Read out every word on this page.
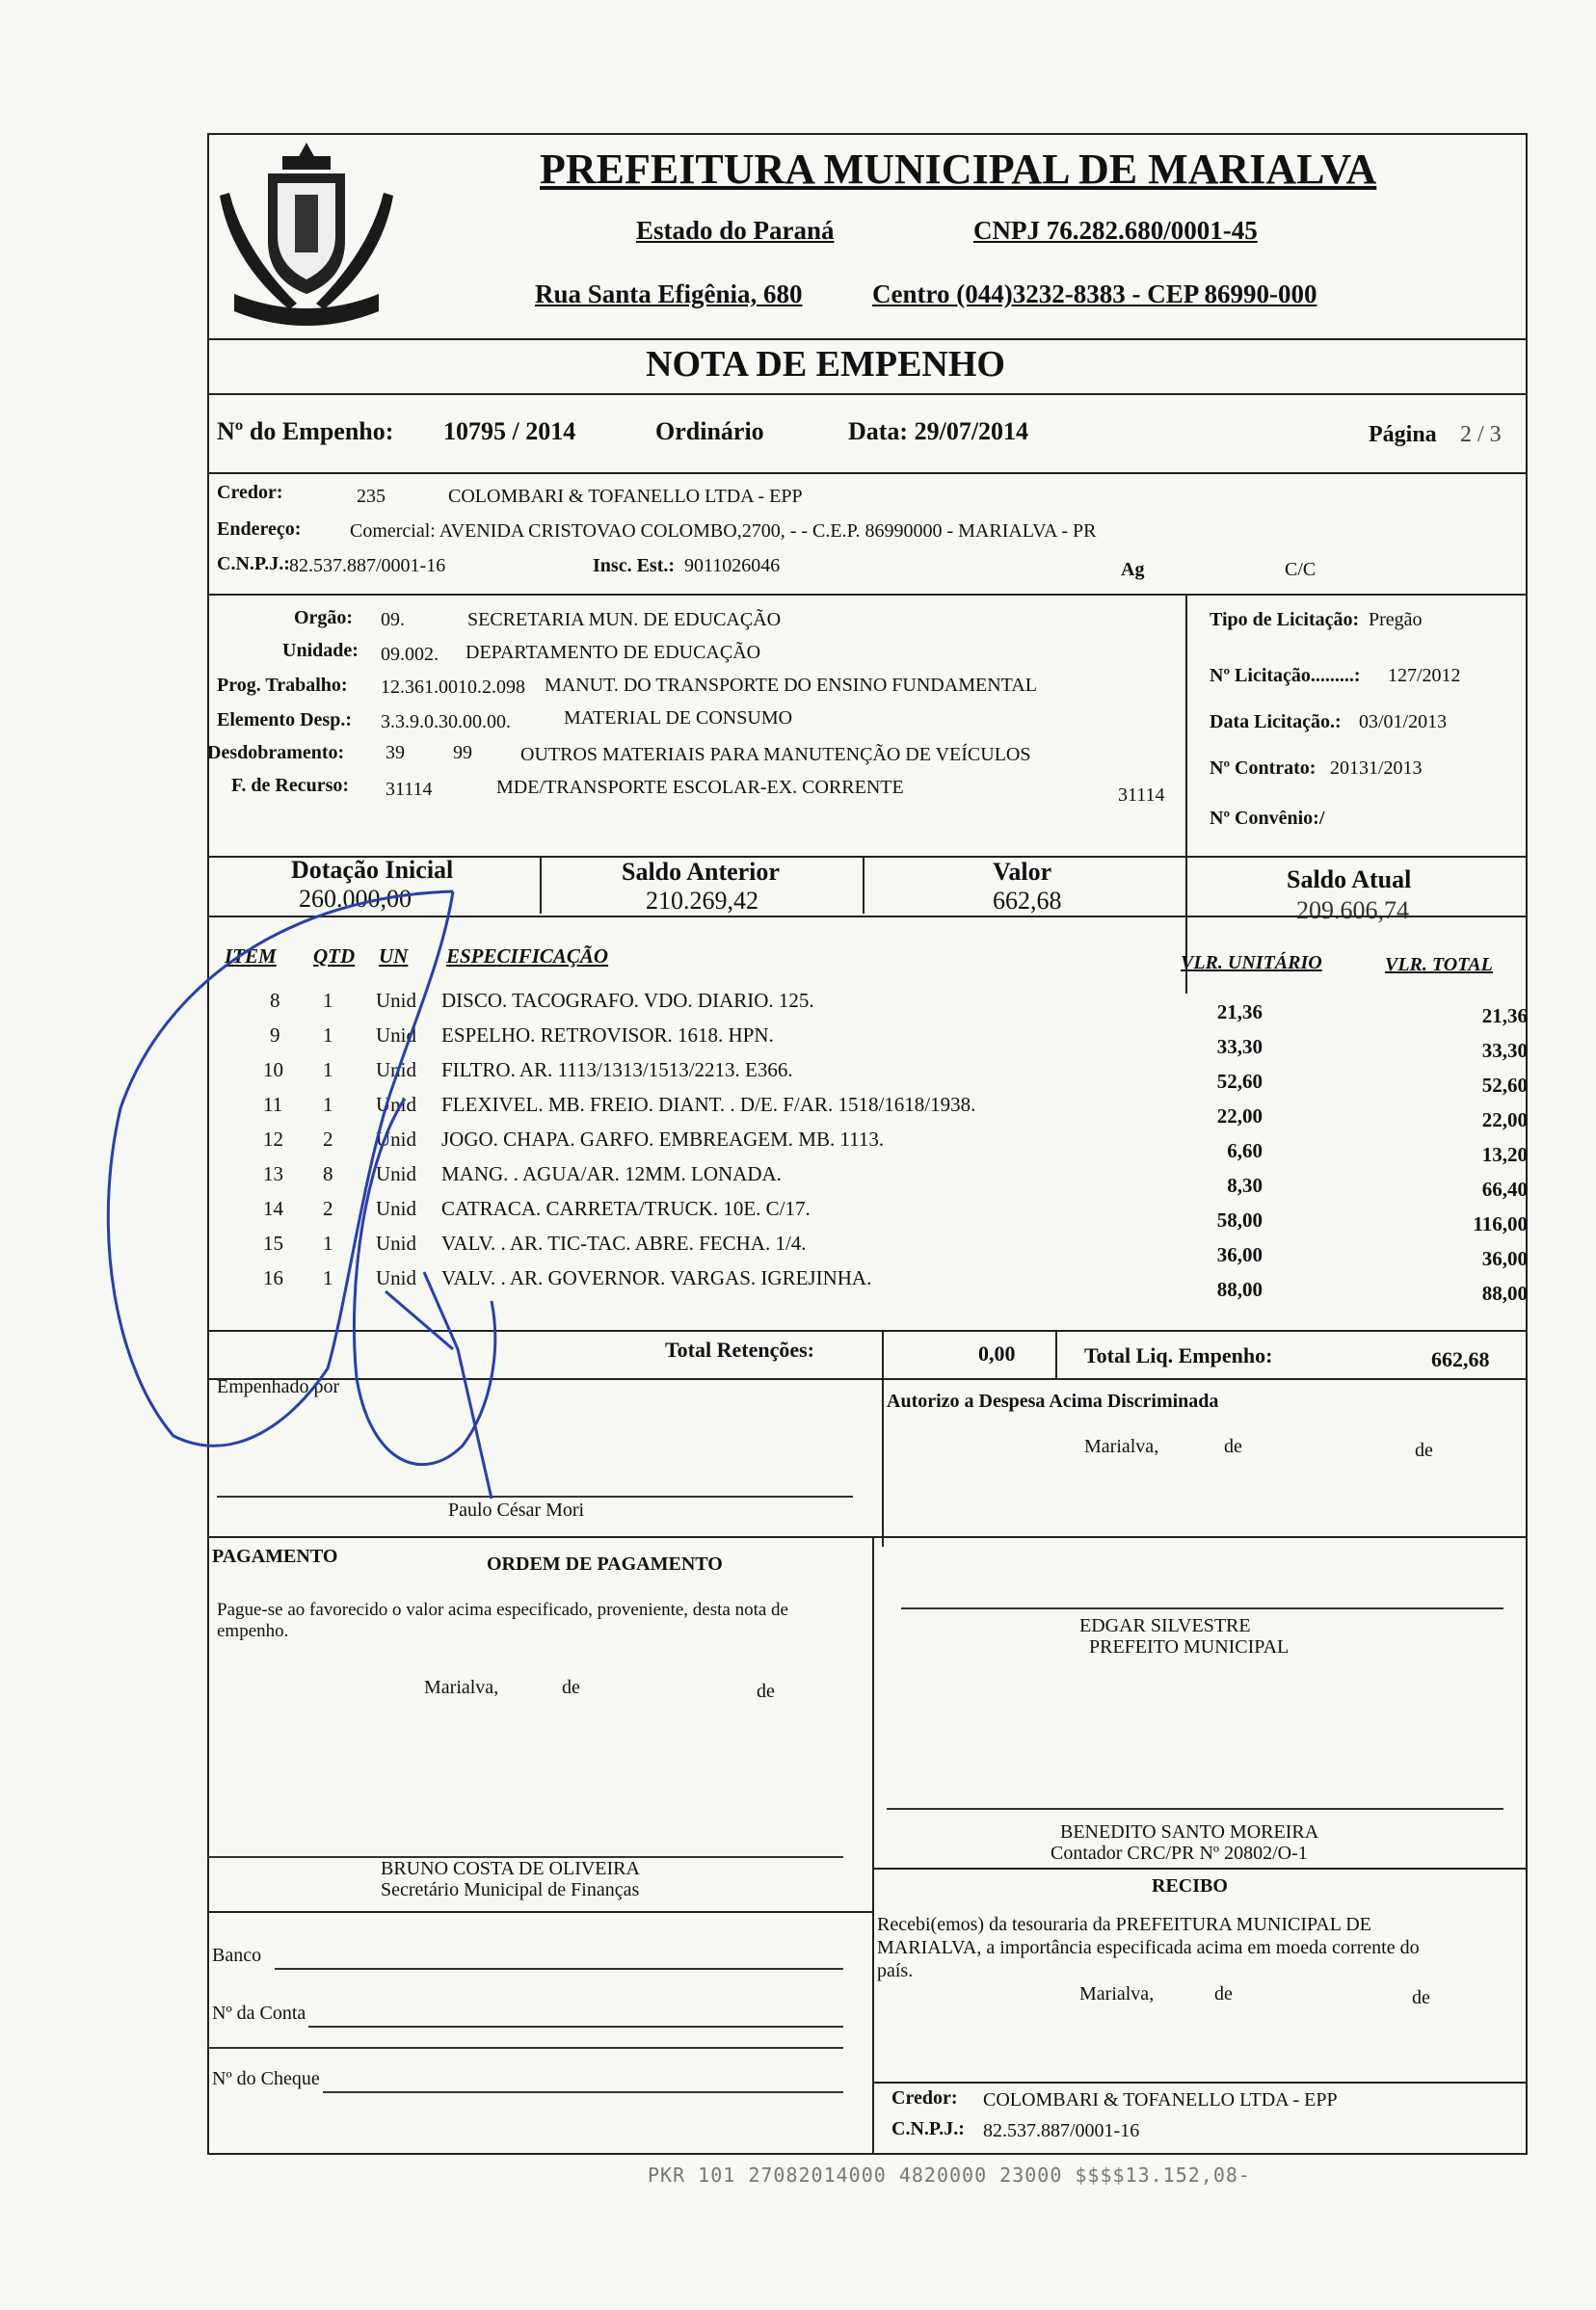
PREFEITURA MUNICIPAL DE MARIALVA
Estado do Paraná	CNPJ 76.282.680/0001-45
Rua Santa Efigênia, 680	Centro (044)3232-8383 - CEP 86990-000
NOTA DE EMPENHO
Nº do Empenho: 10795 / 2014	Ordinário	Data: 29/07/2014	Página 2 / 3
Credor:	235	COLOMBARI & TOFANELLO LTDA - EPP
Endereço:	Comercial: AVENIDA CRISTOVAO COLOMBO,2700, - - C.E.P. 86990000 - MARIALVA - PR
C.N.P.J.: 82.537.887/0001-16	Insc. Est.: 9011026046	Ag	C/C
Orgão: 09.	SECRETARIA MUN. DE EDUCAÇÃO
Unidade: 09.002. DEPARTAMENTO DE EDUCAÇÃO
Prog. Trabalho: 12.361.0010.2.098 MANUT. DO TRANSPORTE DO ENSINO FUNDAMENTAL
Elemento Desp.: 3.3.9.0.30.00.00.	MATERIAL DE CONSUMO
Desdobramento: 39	99	OUTROS MATERIAIS PARA MANUTENÇÃO DE VEÍCULOS
F. de Recurso: 31114	MDE/TRANSPORTE ESCOLAR-EX. CORRENTE	31114
Tipo de Licitação: Pregão
Nº Licitação.........: 127/2012
Data Licitação.: 03/01/2013
Nº Contrato: 20131/2013
Nº Convênio:/
Dotação Inicial
260.000,00
Saldo Anterior
210.269,42
Valor
662,68
Saldo Atual
209.606,74
ITEM QTD UN ESPECIFICAÇÃO	VLR. UNITÁRIO	VLR. TOTAL
8 1 Unid DISCO. TACOGRAFO. VDO. DIARIO. 125.	21,36	21,36
9 1 Unid ESPELHO. RETROVISOR. 1618. HPN.	33,30	33,30
10 1 Unid FILTRO. AR. 1113/1313/1513/2213. E366.	52,60	52,60
11 1 Unid FLEXIVEL. MB. FREIO. DIANT. . D/E. F/AR. 1518/1618/1938.	22,00	22,00
12 2 Unid JOGO. CHAPA. GARFO. EMBREAGEM. MB. 1113.	6,60	13,20
13 8 Unid MANG. . AGUA/AR. 12MM. LONADA.	8,30	66,40
14 2 Unid CATRACA. CARRETA/TRUCK. 10E. C/17.	58,00	116,00
15 1 Unid VALV. . AR. TIC-TAC. ABRE. FECHA. 1/4.	36,00	36,00
16 1 Unid VALV. . AR. GOVERNOR. VARGAS. IGREJINHA.	88,00	88,00
Total Retenções:	0,00	Total Liq. Empenho:	662,68
Empenhado por
Paulo César Mori
Autorizo a Despesa Acima Discriminada
Marialva,	de	de
PAGAMENTO	ORDEM DE PAGAMENTO
Pague-se ao favorecido o valor acima especificado, proveniente, desta nota de empenho.
Marialva,	de	de
BRUNO COSTA DE OLIVEIRA
Secretário Municipal de Finanças
Banco
Nº da Conta
Nº do Cheque
EDGAR SILVESTRE
PREFEITO MUNICIPAL
BENEDITO SANTO MOREIRA
Contador CRC/PR Nº 20802/O-1
RECIBO
Recebi(emos) da tesouraria da PREFEITURA MUNICIPAL DE
MARIALVA, a importância especificada acima em moeda corrente do
país.
Marialva,	de	de
Credor: COLOMBARI & TOFANELLO LTDA - EPP
C.N.P.J.: 82.537.887/0001-16
PKR 101 27082014000 4820000 23000 $$$$13.152,08-
